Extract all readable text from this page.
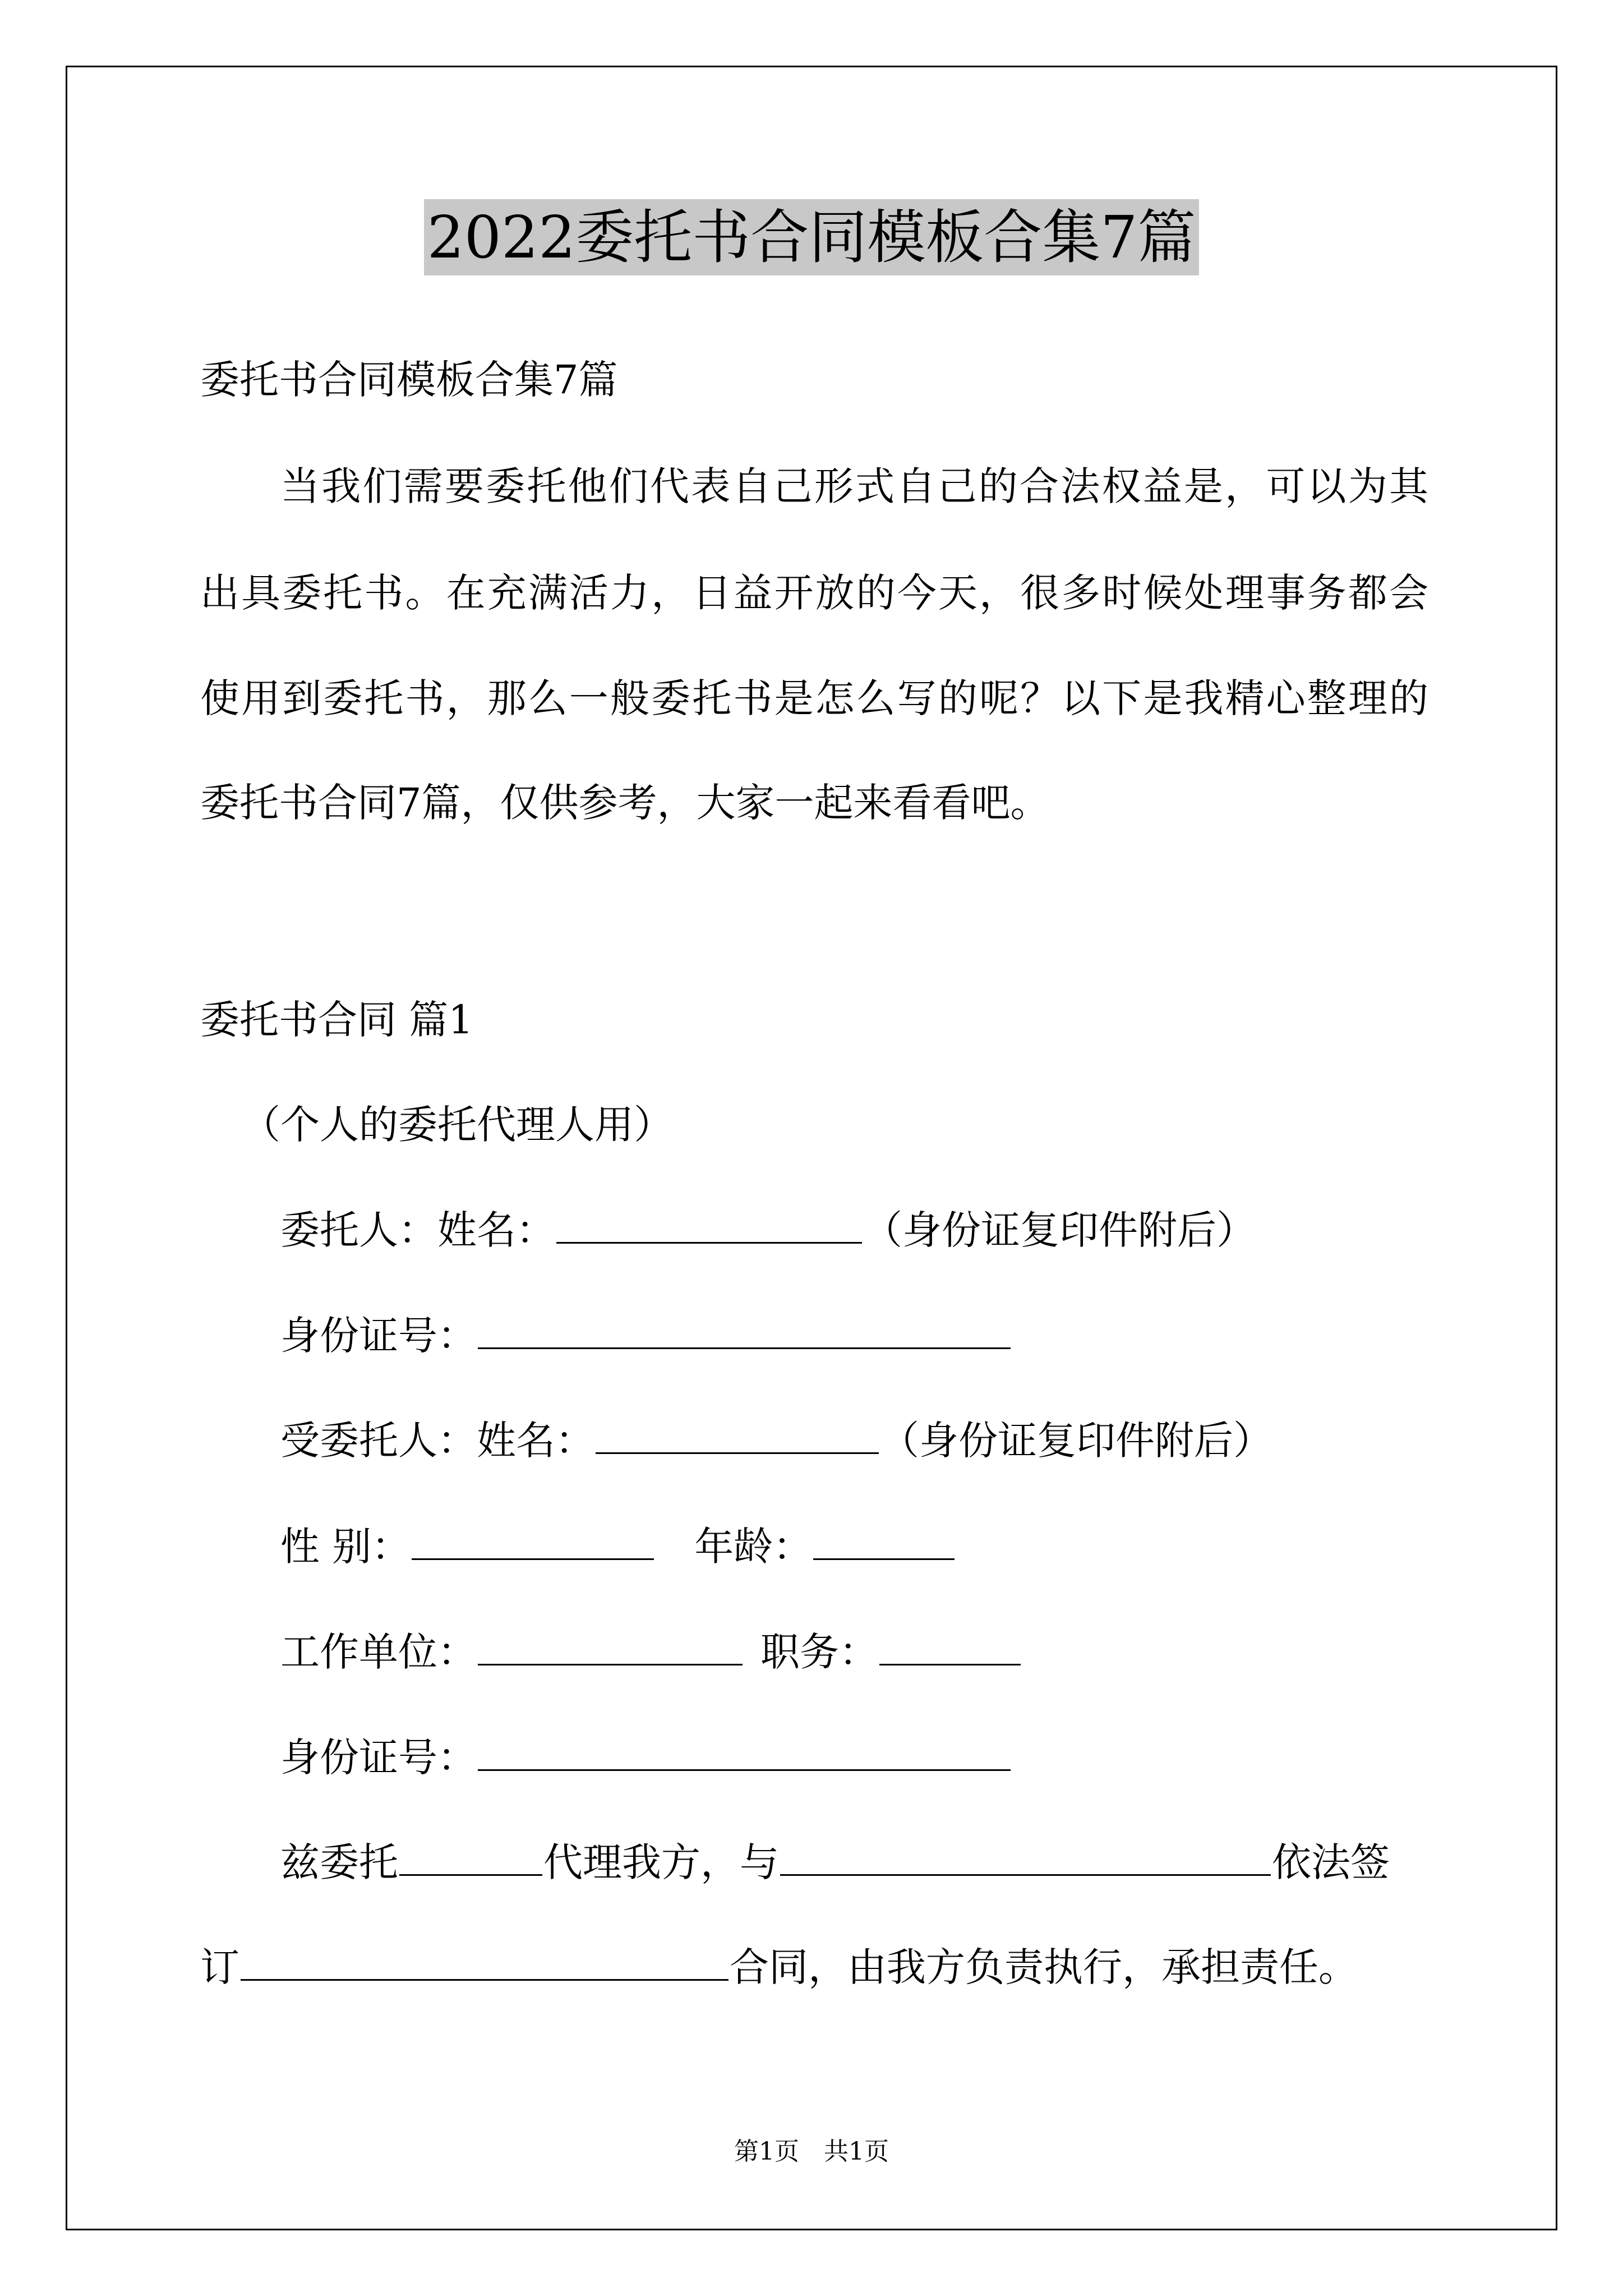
2022委托书合同模板合集7篇
委托书合同模板合集7篇
当我们需要委托他们代表自己形式自己的合法权益是，可以为其
出具委托书。在充满活力，日益开放的今天，很多时候处理事务都会
使用到委托书，那么一般委托书是怎么写的呢？以下是我精心整理的
委托书合同7篇，仅供参考，大家一起来看看吧。
委托书合同 篇1
（个人的委托代理人用）
委托人：姓名：	（身份证复印件附后）
身份证号：
受委托人：姓名：	（身份证复印件附后）
性 别：	年龄：
工作单位：	职务：
身份证号：
兹委托	代理我方，与	依法签
订	合同，由我方负责执行，承担责任。
第1页　共1页
